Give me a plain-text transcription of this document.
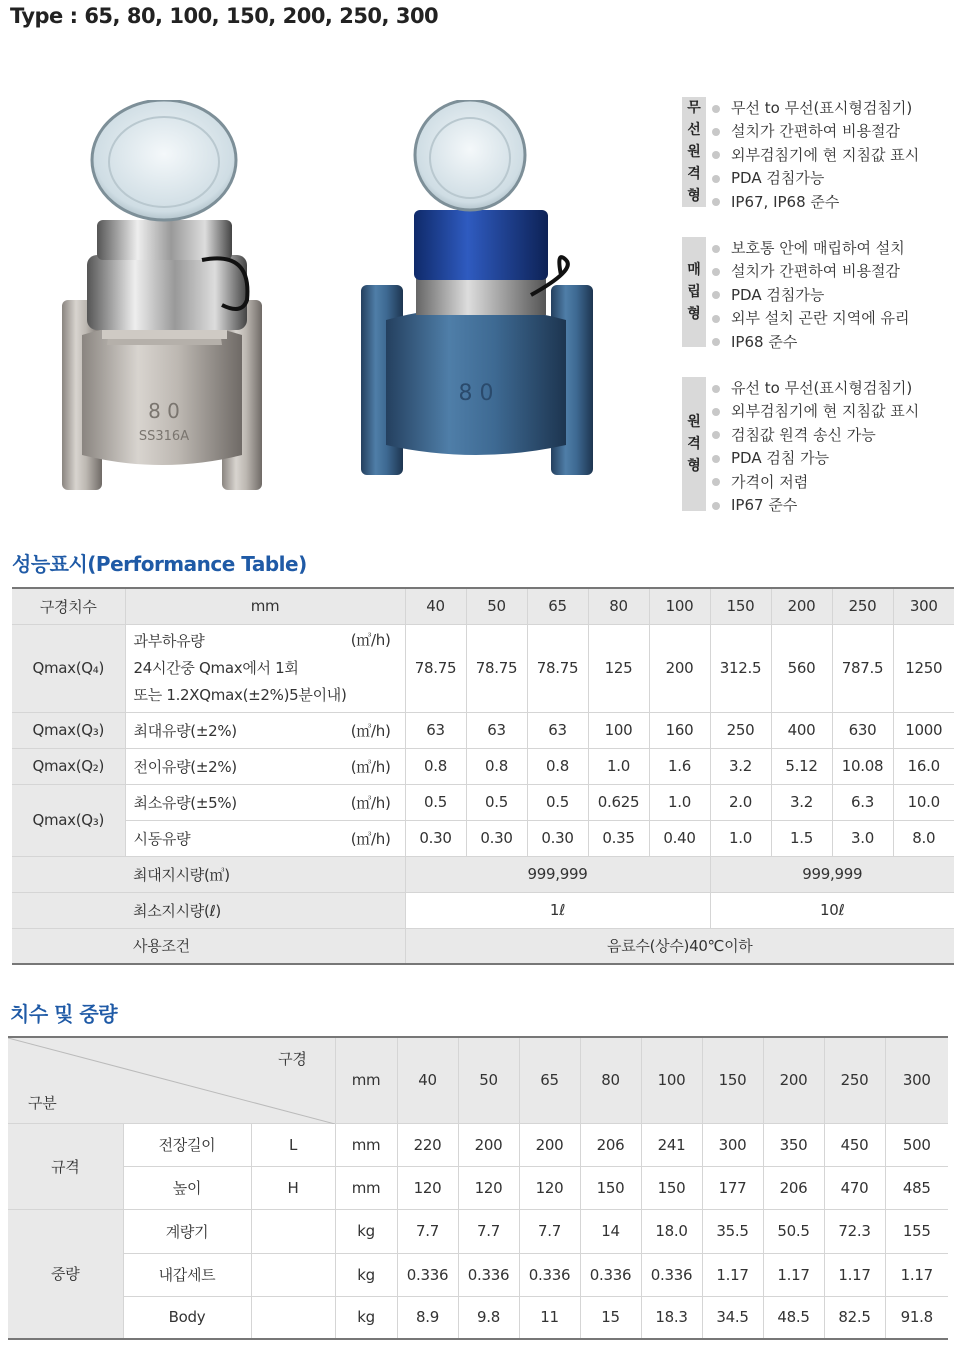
Type : 65, 80, 100, 150, 200, 250, 300
8 0
SS316A
8 0
무
선
원
격
형
무선 to 무선(표시형검침기)
설치가 간편하여 비용절감
외부검침기에 현 지침값 표시
PDA 검침가능
IP67, IP68 준수
매
립
형
보호통 안에 매립하여 설치
설치가 간편하여 비용절감
PDA 검침가능
외부 설치 곤란 지역에 유리
IP68 준수
원
격
형
유선 to 무선(표시형검침기)
외부검침기에 현 지침값 표시
검침값 원격 송신 가능
PDA 검침 가능
가격이 저렴
IP67 준수
성능표시(Performance Table)
구경치수	mm		40	50	65	80	100	150	200	250	300
Qmax(Q₄)	과부하유량
24시간중 Qmax에서 1회
또는 1.2XQmax(±2%)5분이내)	(㎥/h)	78.75	78.75	78.75	125	200	312.5	560	787.5	1250
Qmax(Q₃)	최대유량(±2%)	(㎥/h)	63	63	63	100	160	250	400	630	1000
Qmax(Q₂)	전이유량(±2%)	(㎥/h)	0.8	0.8	0.8	1.0	1.6	3.2	5.12	10.08	16.0
Qmax(Q₃)	최소유량(±5%)	(㎥/h)	0.5	0.5	0.5	0.625	1.0	2.0	3.2	6.3	10.0
	시동유량	(㎥/h)	0.30	0.30	0.30	0.35	0.40	1.0	1.5	3.0	8.0
최대지시량(㎥)			999,999					999,999			
최소지시량(ℓ)			1ℓ					10ℓ			
사용조건			음료수(상수)40℃이하								
치수 및 중량
구경
구분			mm	40	50	65	80	100	150	200	250	300
규격	전장길이	L	mm	220	200	200	206	241	300	350	450	500
	높이	H	mm	120	120	120	150	150	177	206	470	485
중량	계량기		kg	7.7	7.7	7.7	14	18.0	35.5	50.5	72.3	155
	내갑세트		kg	0.336	0.336	0.336	0.336	0.336	1.17	1.17	1.17	1.17
	Body		kg	8.9	9.8	11	15	18.3	34.5	48.5	82.5	91.8
